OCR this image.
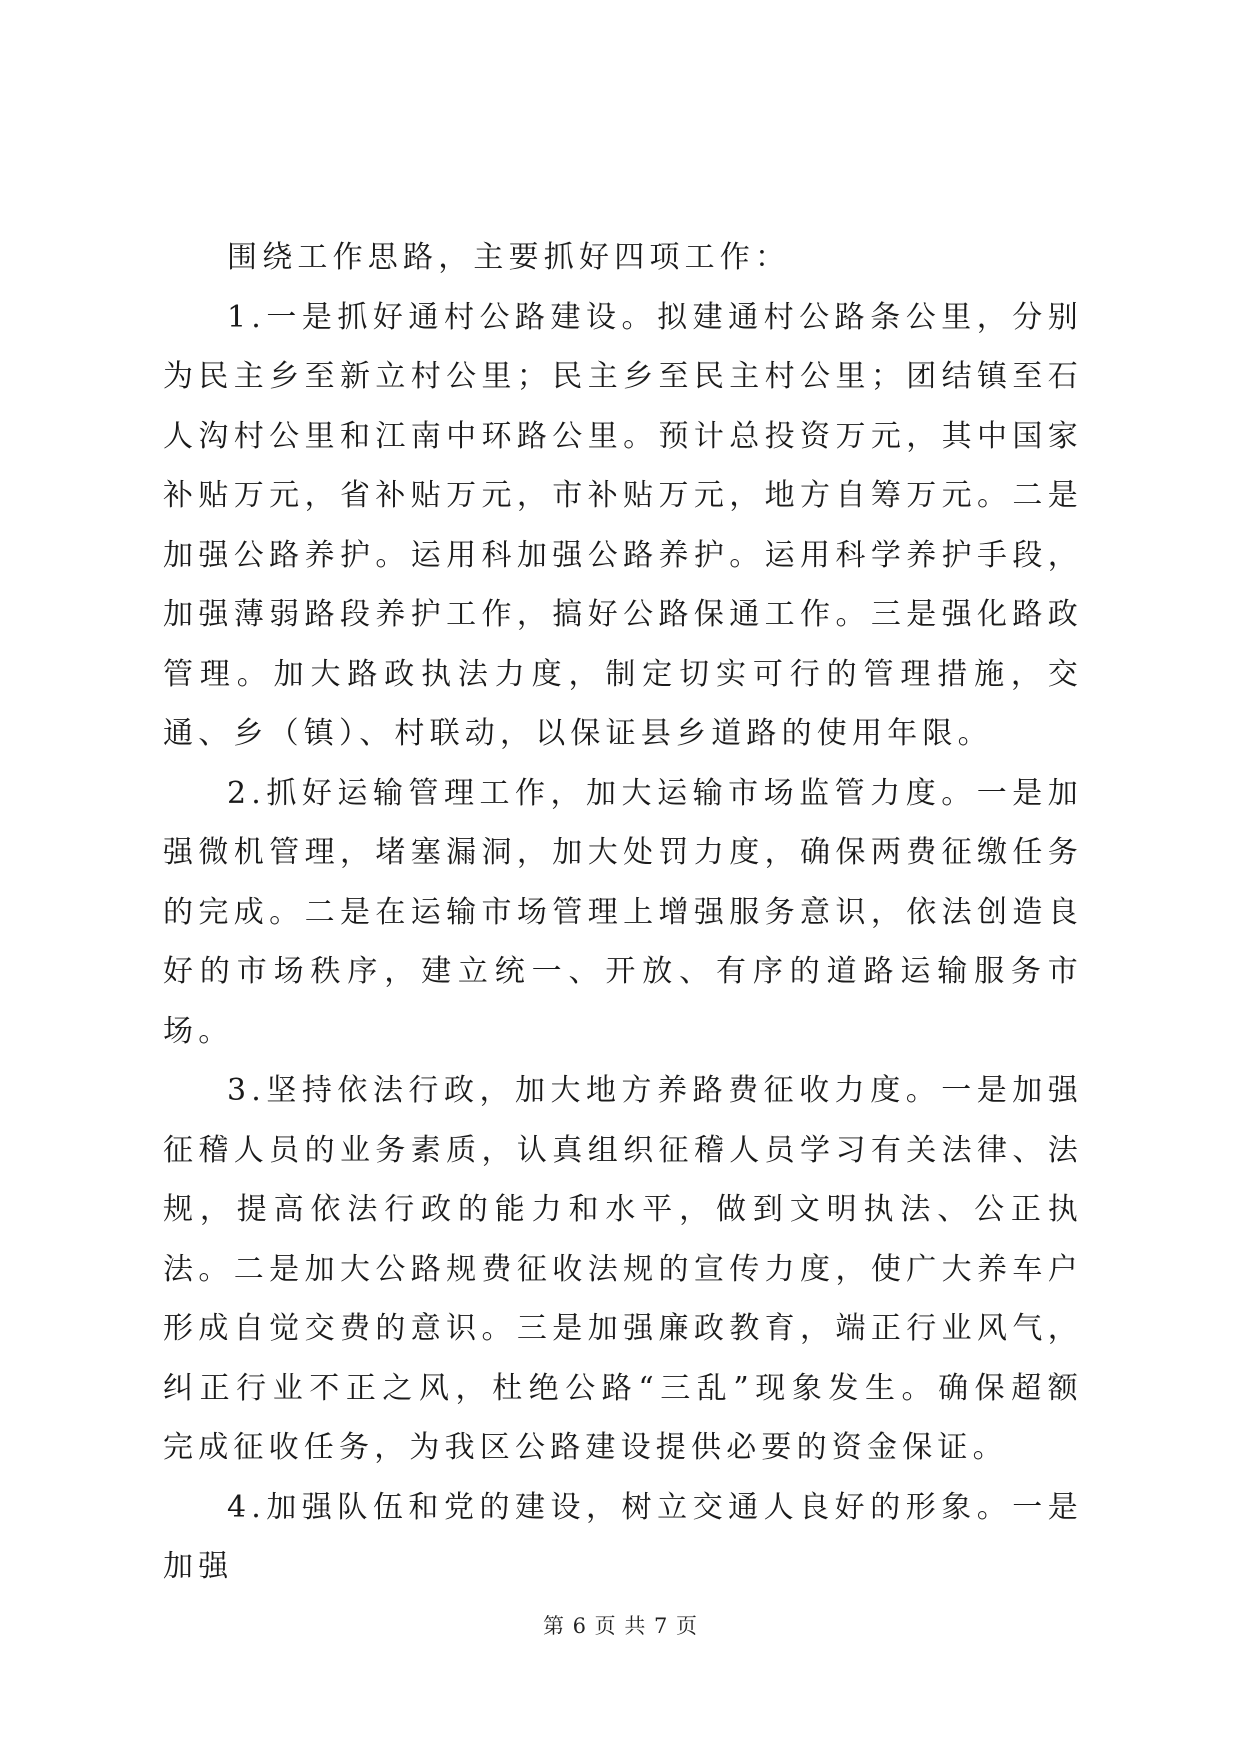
围绕工作思路，主要抓好四项工作：

1.一是抓好通村公路建设。拟建通村公路条公里，分别为民主乡至新立村公里；民主乡至民主村公里；团结镇至石人沟村公里和江南中环路公里。预计总投资万元，其中国家补贴万元，省补贴万元，市补贴万元，地方自筹万元。二是加强公路养护。运用科加强公路养护。运用科学养护手段，加强薄弱路段养护工作，搞好公路保通工作。三是强化路政管理。加大路政执法力度，制定切实可行的管理措施，交通、乡（镇）、村联动，以保证县乡道路的使用年限。

2.抓好运输管理工作，加大运输市场监管力度。一是加强微机管理，堵塞漏洞，加大处罚力度，确保两费征缴任务的完成。二是在运输市场管理上增强服务意识，依法创造良好的市场秩序，建立统一、开放、有序的道路运输服务市场。

3.坚持依法行政，加大地方养路费征收力度。一是加强征稽人员的业务素质，认真组织征稽人员学习有关法律、法规，提高依法行政的能力和水平，做到文明执法、公正执法。二是加大公路规费征收法规的宣传力度，使广大养车户形成自觉交费的意识。三是加强廉政教育，端正行业风气，纠正行业不正之风，杜绝公路“三乱”现象发生。确保超额完成征收任务，为我区公路建设提供必要的资金保证。

4.加强队伍和党的建设，树立交通人良好的形象。一是加强

第 6 页 共 7 页
